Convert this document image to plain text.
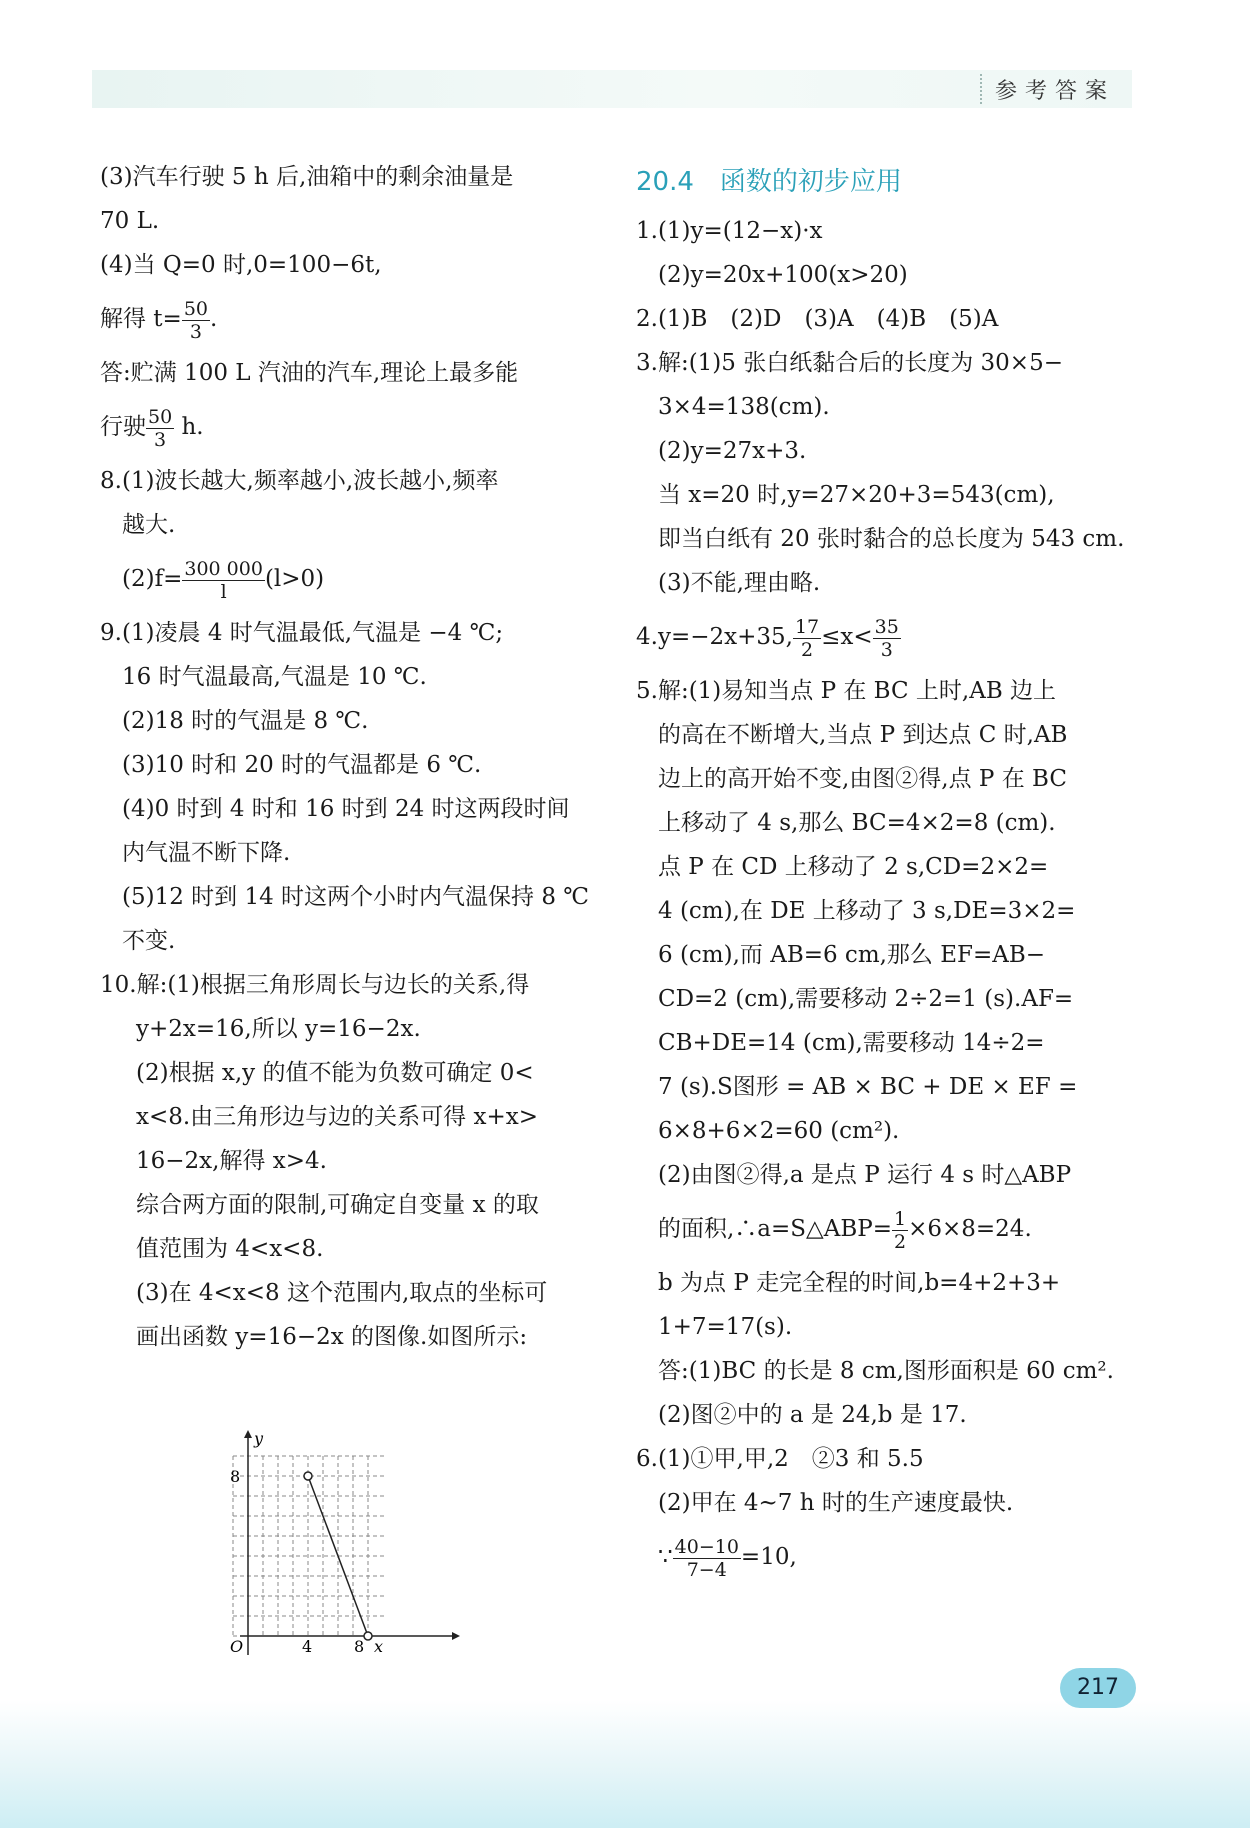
参考答案
(3)汽车行驶 5 h 后,油箱中的剩余油量是
70 L.
(4)当 Q=0 时,0=100−6t,
解得 $t= \frac{50}{3}$ .
答:贮满 100 L 汽油的汽车,理论上最多能
行驶 $\frac{50}{3} h$.
8.(1)波长越大,频率越小,波长越小,频率
越大.
$(2)f= \frac{300 000}{l} (l>0)$
9.(1)凌晨 4 时气温最低,气温是 −4 ℃;
16 时气温最高,气温是 10 ℃.
(2)18 时的气温是 8 ℃.
(3)10 时和 20 时的气温都是 6 ℃.
(4)0 时到 4 时和 16 时到 24 时这两段时间
内气温不断下降.
(5)12 时到 14 时这两个小时内气温保持 8 ℃
不变.
10.解:(1)根据三角形周长与边长的关系,得
y+2x=16,所以 y=16−2x.
(2)根据 x,y 的值不能为负数可确定 0<
x<8.由三角形边与边的关系可得 x+x>
16−2x,解得 x>4.
综合两方面的限制,可确定自变量 x 的取
值范围为 4<x<8.
(3)在 4<x<8 这个范围内,取点的坐标可
画出函数 y=16−2x 的图像.如图所示:
20.4　函数的初步应用
1.(1)y=(12−x)·x
(2)y=20x+100(x>20)
2.(1)B　(2)D　(3)A　(4)B　(5)A
3.解:(1)5 张白纸黏合后的长度为 30×5−
3×4=138(cm).
(2)y=27x+3.
当 x=20 时,y=27×20+3=543(cm),
即当白纸有 20 张时黏合的总长度为 543 cm.
(3)不能,理由略.
4.y=−2x+35, $\frac{17}{2} \le x< \frac{35}{3}$
5.解:(1)易知当点 P 在 BC 上时,AB 边上
的高在不断增大,当点 P 到达点 C 时,AB
边上的高开始不变,由图②得,点 P 在 BC
上移动了 4 s,那么 BC=4×2=8 (cm).
点 P 在 CD 上移动了 2 s,CD=2×2=
4 (cm),在 DE 上移动了 3 s,DE=3×2=
6 (cm),而 AB=6 cm,那么 EF=AB−
CD=2 (cm),需要移动 2÷2=1 (s).AF=
CB+DE=14 (cm),需要移动 14÷2=
7 (s).S图形 = AB × BC + DE × EF =
6×8+6×2=60 (cm²).
(2)由图②得,a 是点 P 运行 4 s 时△ABP
的面积,∴a=S△ABP= $\frac{1}{2} \times 6\times 8=24$.
b 为点 P 走完全程的时间,b=4+2+3+
1+7=17(s).
答:(1)BC 的长是 8 cm,图形面积是 60 cm².
(2)图②中的 a 是 24,b 是 17.
6.(1)①甲,甲,2　②3 和 5.5
(2)甲在 4~7 h 时的生产速度最快.
∵ $\frac{40-10}{7-4} =10$,
y
x
O
8
4	8
217
